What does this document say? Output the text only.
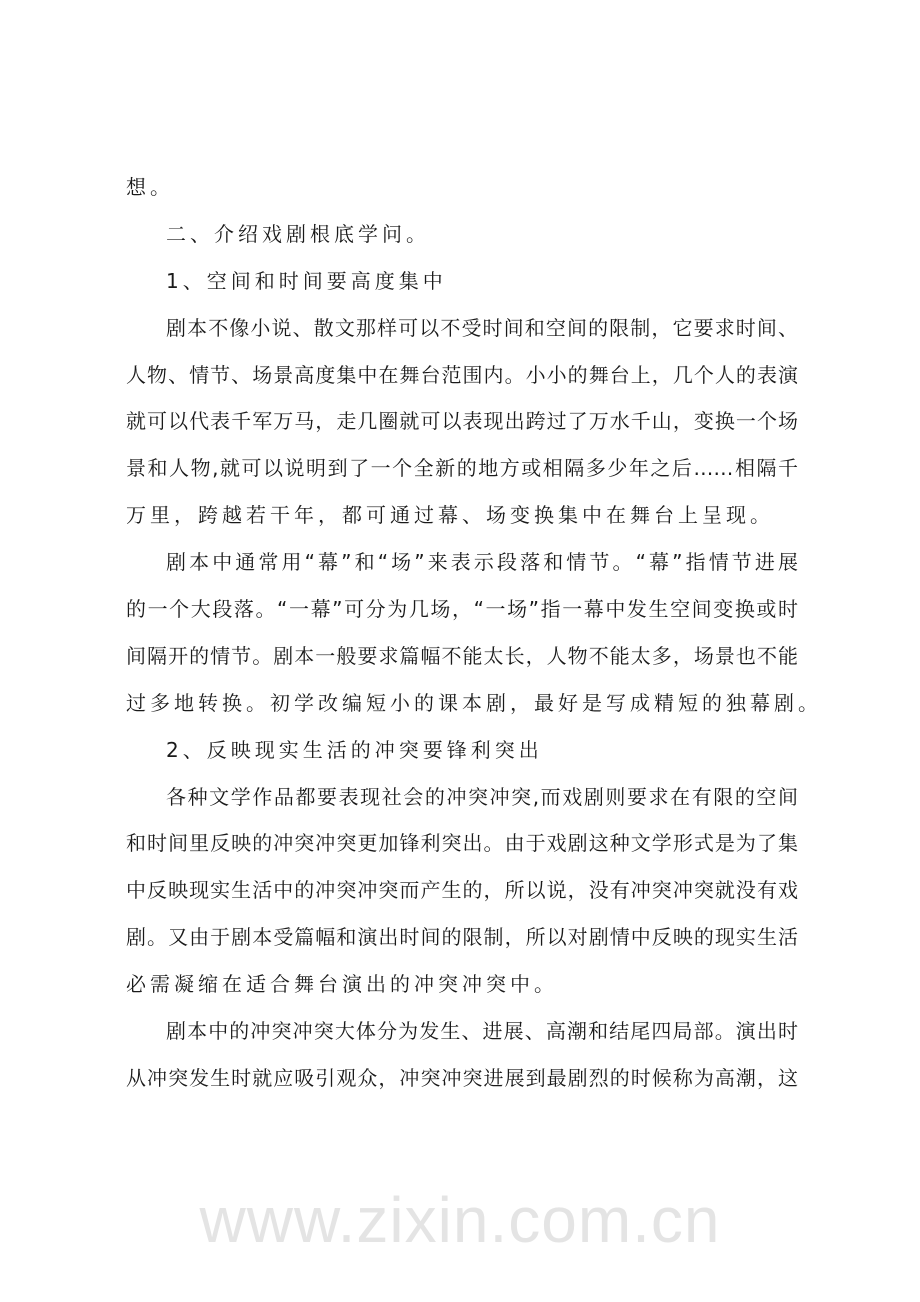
想。
二、介绍戏剧根底学问。
1、空间和时间要高度集中
剧本不像小说、散文那样可以不受时间和空间的限制，它要求时间、
人物、情节、场景高度集中在舞台范围内。小小的舞台上，几个人的表演
就可以代表千军万马，走几圈就可以表现出跨过了万水千山，变换一个场
景和人物,就可以说明到了一个全新的地方或相隔多少年之后……相隔千
万里，跨越若干年，都可通过幕、场变换集中在舞台上呈现。
剧本中通常用“幕”和“场”来表示段落和情节。“幕”指情节进展
的一个大段落。“一幕”可分为几场，“一场”指一幕中发生空间变换或时
间隔开的情节。剧本一般要求篇幅不能太长，人物不能太多，场景也不能
过多地转换。初学改编短小的课本剧，最好是写成精短的独幕剧。
2、反映现实生活的冲突要锋利突出
各种文学作品都要表现社会的冲突冲突,而戏剧则要求在有限的空间
和时间里反映的冲突冲突更加锋利突出。由于戏剧这种文学形式是为了集
中反映现实生活中的冲突冲突而产生的，所以说，没有冲突冲突就没有戏
剧。又由于剧本受篇幅和演出时间的限制，所以对剧情中反映的现实生活
必需凝缩在适合舞台演出的冲突冲突中。
剧本中的冲突冲突大体分为发生、进展、高潮和结尾四局部。演出时
从冲突发生时就应吸引观众，冲突冲突进展到最剧烈的时候称为高潮，这
www.zixin.com.cn
